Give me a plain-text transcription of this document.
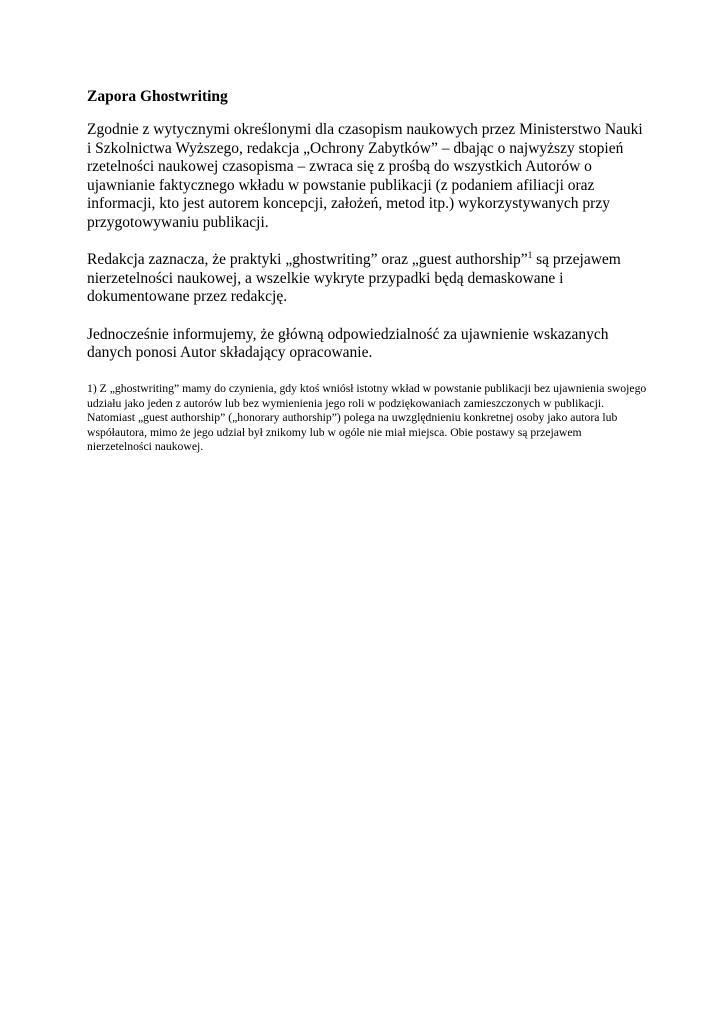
Zapora Ghostwriting

Zgodnie z wytycznymi określonymi dla czasopism naukowych przez Ministerstwo Nauki i Szkolnictwa Wyższego, redakcja „Ochrony Zabytków” – dbając o najwyższy stopień rzetelności naukowej czasopisma – zwraca się z prośbą do wszystkich Autorów o ujawnianie faktycznego wkładu w powstanie publikacji (z podaniem afiliacji oraz informacji, kto jest autorem koncepcji, założeń, metod itp.) wykorzystywanych przy przygotowywaniu publikacji.

Redakcja zaznacza, że praktyki „ghostwriting” oraz „guest authorship”$^1$ są przejawem nierzetelności naukowej, a wszelkie wykryte przypadki będą demaskowane i dokumentowane przez redakcję.

Jednocześnie informujemy, że główną odpowiedzialność za ujawnienie wskazanych danych ponosi Autor składający opracowanie.

1) Z „ghostwriting” mamy do czynienia, gdy ktoś wniósł istotny wkład w powstanie publikacji bez ujawnienia swojego udziału jako jeden z autorów lub bez wymienienia jego roli w podziękowaniach zamieszczonych w publikacji. Natomiast „guest authorship” („honorary authorship”) polega na uwzględnieniu konkretnej osoby jako autora lub współautora, mimo że jego udział był znikomy lub w ogóle nie miał miejsca. Obie postawy są przejawem nierzetelności naukowej.
